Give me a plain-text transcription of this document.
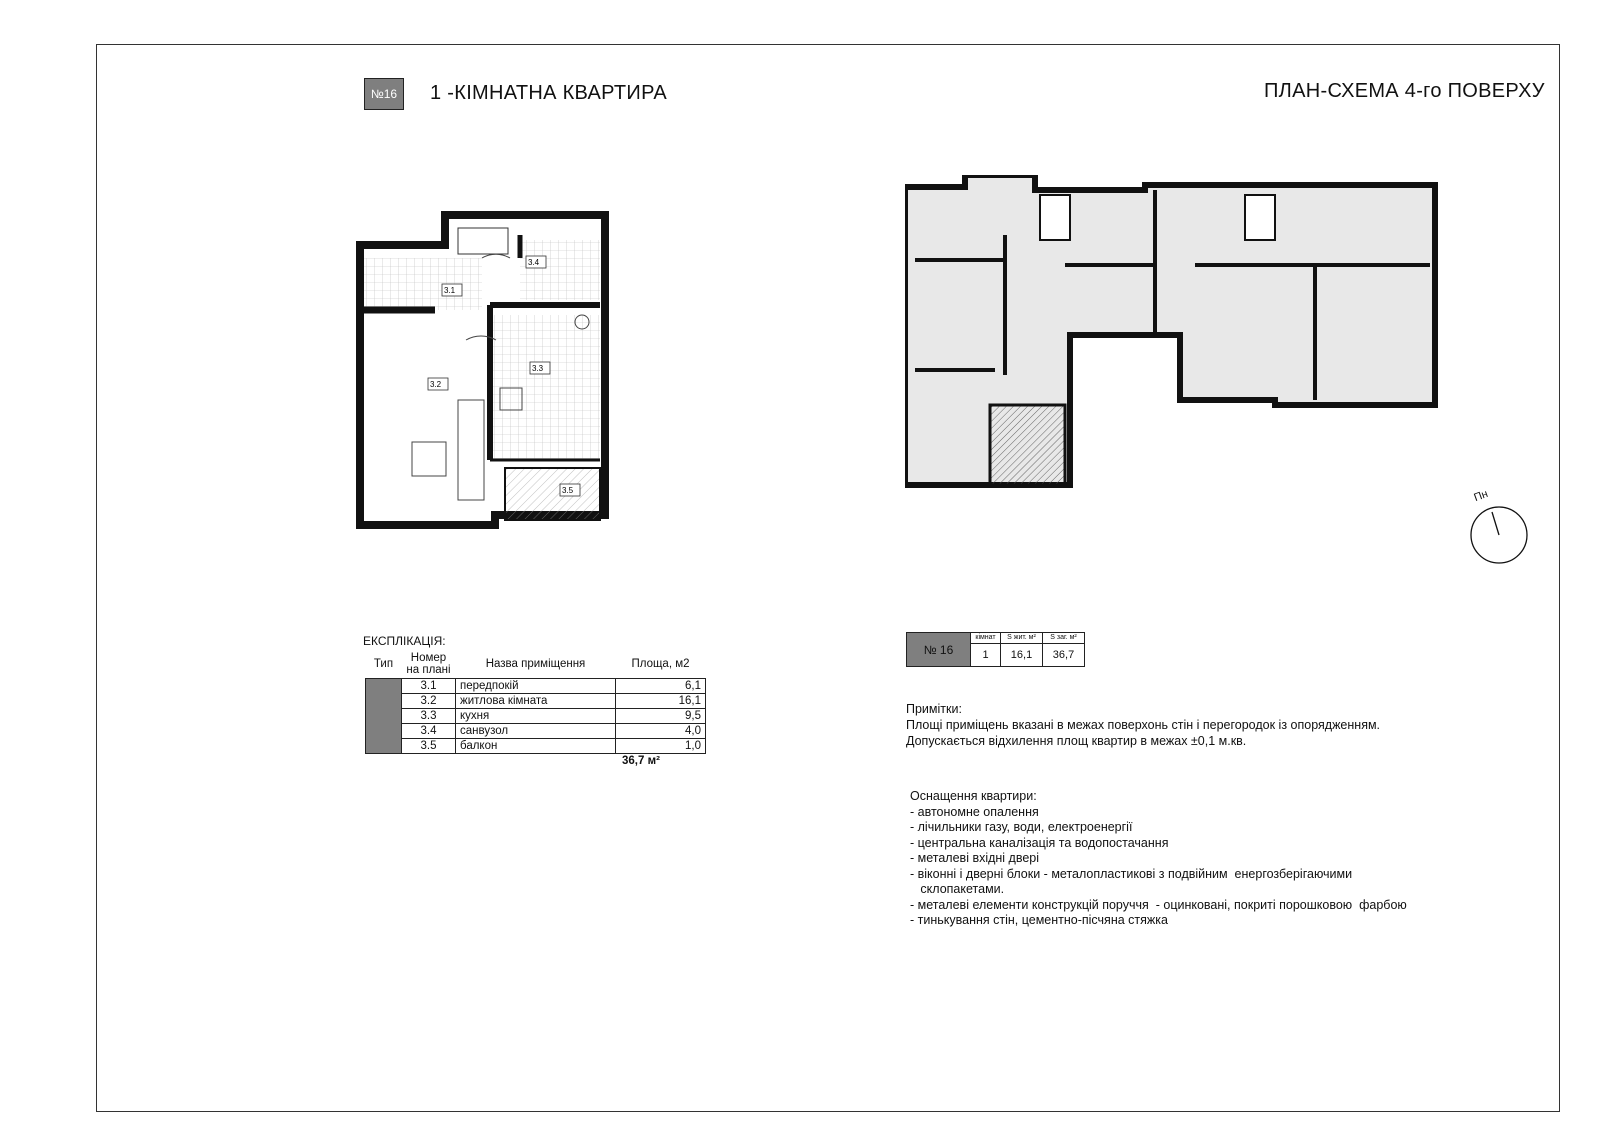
№16	1 -КІМНАТНА КВАРТИРА	ПЛАН-СХЕМА 4-го ПОВЕРХУ
3.1
3.2
3.3
3.4
3.5	Пн
ЕКСПЛІКАЦІЯ:
Тип	Номер
на плані	Назва приміщення	Площа, м2
	3.1	передпокій	6,1
	3.2	житлова кімната	16,1
	3.3	кухня	9,5
	3.4	санвузол	4,0
	3.5	балкон	1,0
36,7 м²
№ 16	кімнат	S жит. м²	S заг. м²
	1	16,1	36,7
Примітки:
Площі приміщень вказані в межах поверхонь стін і перегородок із опорядженням.
Допускається відхилення площ квартир в межах ±0,1 м.кв.
Оснащення квартири:
- автономне опалення
- лічильники газу, води, електроенергії
- центральна каналізація та водопостачання
- металеві вхідні двері
- віконні і дверні блоки - металопластикові з подвійним  енергозберігаючими
склопакетами.
- металеві елементи конструкцій поруччя  - оцинковані, покриті порошковою  фарбою
- тинькування стін, цементно-пісчяна стяжка
